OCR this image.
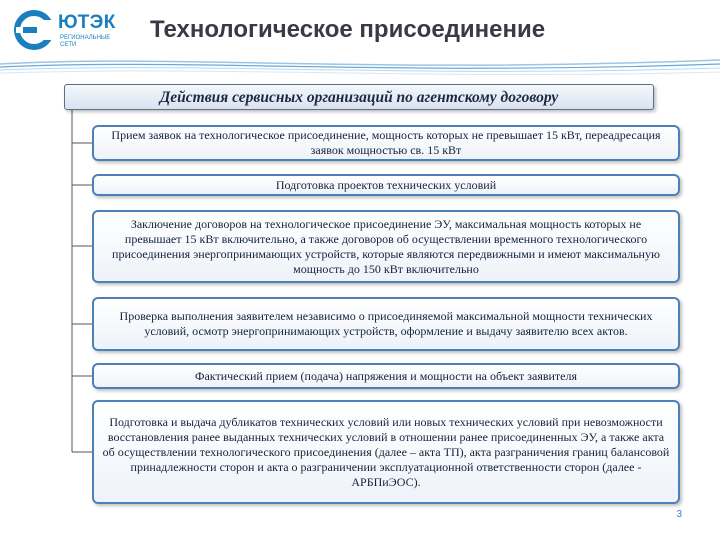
ЮТЭК
РЕГИОНАЛЬНЫЕ СЕТИ
Технологическое присоединение
Действия сервисных организаций по агентскому договору
Прием заявок на технологическое присоединение, мощность которых не превышает 15 кВт, переадресация заявок мощностью св. 15 кВт
Подготовка проектов технических условий
Заключение договоров на технологическое присоединение ЭУ, максимальная мощность которых не превышает 15 кВт включительно, а также договоров об осуществлении временного технологического присоединения энергопринимающих устройств, которые являются передвижными и имеют максимальную мощность до 150 кВт включительно
Проверка выполнения заявителем независимо о присоединяемой максимальной мощности технических условий, осмотр энергопринимающих устройств, оформление и выдачу заявителю всех актов.
Фактический прием (подача) напряжения и мощности на объект заявителя
Подготовка и выдача дубликатов технических условий или новых технических условий при невозможности восстановления ранее выданных технических условий в отношении ранее присоединенных ЭУ, а также акта об осуществлении технологического присоединения (далее – акта ТП), акта разграничения границ балансовой принадлежности сторон и акта о разграничении эксплуатационной ответственности сторон (далее - АРБПиЭОС).
3
